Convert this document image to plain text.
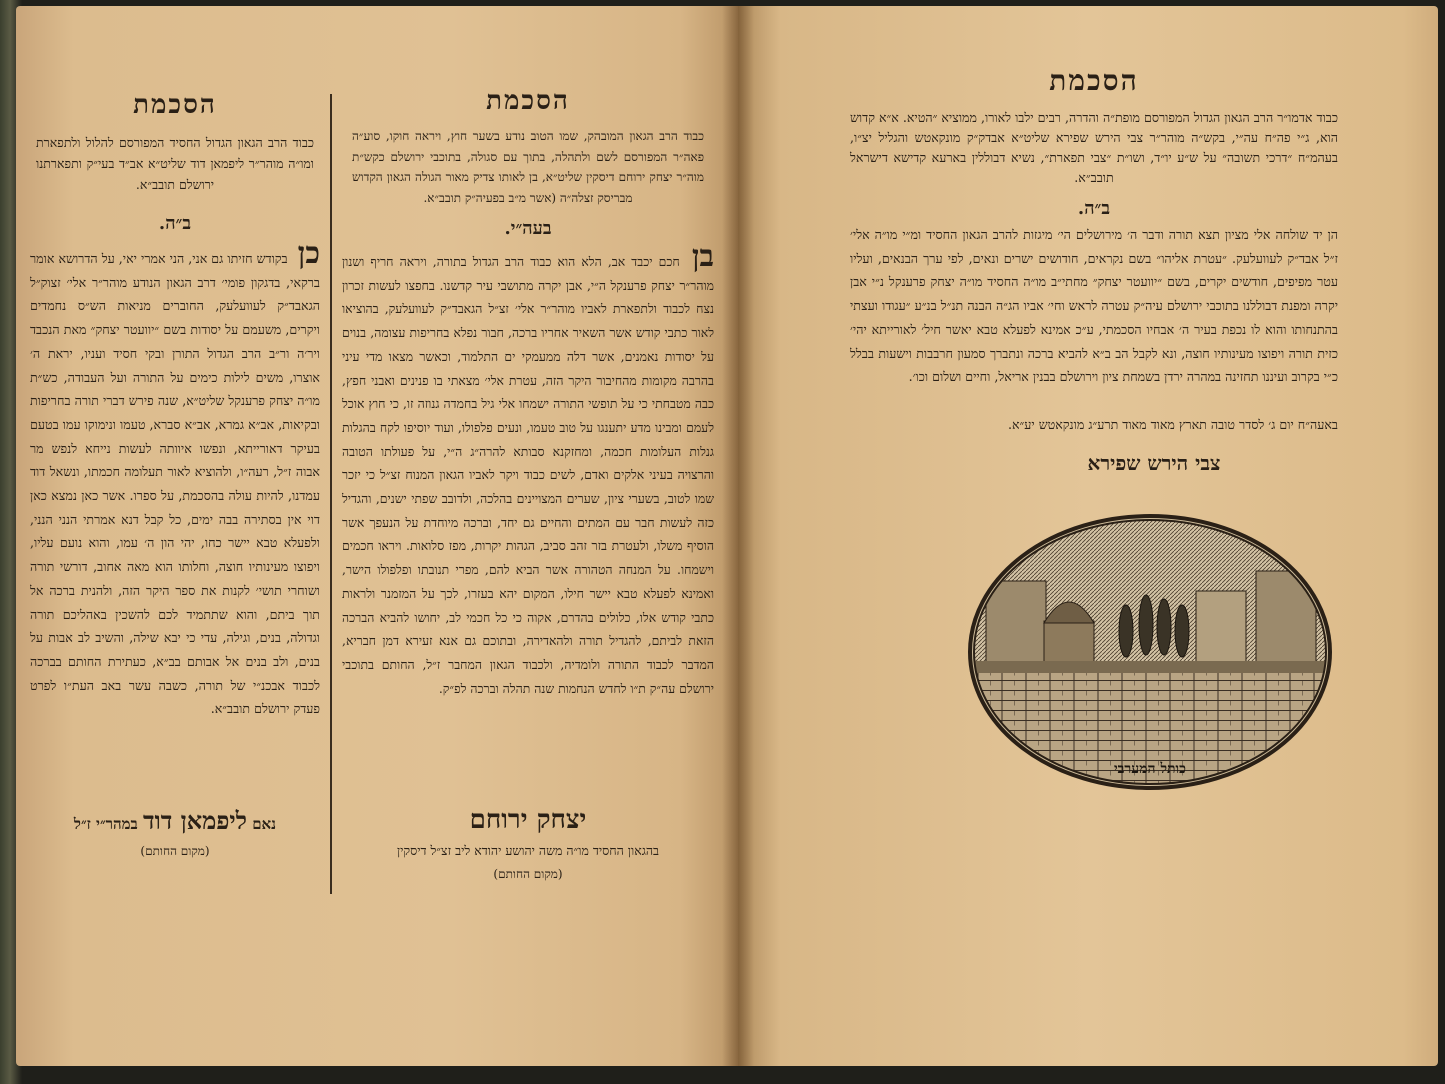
הסכמת
כבוד הרב הגאון הגדול החסיד המפורסם להלול ולתפארת ומו״ה מוהר״ר ליפמאן דוד שליט״א אב״ד בעי״ק ותפארתנו ירושלם תובב״א.
ב״ה.
כן בקודש חזיתו גם אני, הני אמרי יאי, על הדרושא אומר ברקאי, בדגקון פומי׳ דרב הגאון הנודע מוהר״ר אלי׳ זצוק״ל הגאבד״ק לעוועלעק, החוברים מניאות הש״ס נחמדים ויקרים, משעמם על יסודות בשם ״יוועטר יצחק״ מאת הנכבד ויר׳ה ור״ב הרב הגדול התורן ובקי חסיד ועניו, יראת ה׳ אוצרו, משים לילות כימים על התורה ועל העבודה, כש״ת מו״ה יצחק פרענקל שליט״א, שנה פירש דברי תורה בחריפות ובקיאות, אב״א גמרא, אב״א סברא, טעמו ונימוקו עמו בטעם בעיקר דאורייתא, ונפשו איוותה לעשות נייחא לנפש מר אבוה ז״ל, רעה״ו, ולהוציא לאור תעלומה חכמתו, ונשאל דוד עמדנו, להיות עולה בהסכמת, על ספרו. אשר כאן נמצא כאן דוי אין בסתירה בבה ימים, כל קבל דנא אמרתי הנני הנני, ולפעלא טבא יישר כחו, יהי הון ה׳ עמו, והוא נועם עליו, ויפוצו מעינותיו חוצה, וחלותו הוא מאה אחוב, דורשי תורה ושוחרי תושי׳ לקנות את ספר היקר הזה, ולהנית ברכה אל תוך ביתם, והוא שתתמיד לכם להשכין באהליכם תורה וגדולה, בנים, וגילה, עדי כי יבא שילה, והשיב לב אבות על בנים, ולב בנים אל אבותם בב״א, כעתירת החותם בברכה לכבוד אבכנ״י של תורה, כשבה עשר באב העת״ו לפרט פעדק ירושלם תובב״א.
נאם ליפמאן דוד במהר״י ז״ל
(מקום החותם)
הסכמת
כבוד הרב הגאון המובהק, שמו הטוב נודע בשער חוץ, ויראה חוקו, סוע״ה פאה״ר המפורסם לשם ולתהלה, בתוך עם סגולה, בתוכבי ירושלם כקש״ת מוה״ר יצחק ירוחם דיסקין שליט״א, בן לאותו צדיק מאור הגולה הגאון הקדוש מבריסק זצלה״ה (אשר מ״ב בפעיה״ק תובב״א.
בעה״י.
בן חכם יכבד אב, הלא הוא כבוד הרב הגדול בתורה, ויראה חריף ושנון מוהר״ר יצחק פרענקל ה״י, אבן יקרה מתושבי עיר קדשנו. בחפצו לעשות זכרון נצח לכבוד ולתפארת לאביו מוהר״ר אלי׳ זצ״ל הגאבד״ק לעוועלעק, בהוציאו לאור כתבי קודש אשר השאיר אחריו ברכה, חבור נפלא בחריפות עצומה, בנוים על יסודות נאמנים, אשר דלה ממעמקי ים התלמוד, וכאשר מצאו מדי עיני בהרבה מקומות מהחיבור היקר הזה, עטרת אלי׳ מצאתי בו פנינים ואבני חפץ, כבה מטבחתי כי על תופשי התורה ישמחו אלי גיל בחמדה גנוזה זו, כי חוץ אוכל לעמם ומבינו מדע יתענגו על טוב טעמו, ונעים פלפולו, ועוד יוסיפו לקח בהגלות גנלות העלומות חכמה, ומחזקנא סבותא להרה״ג ה״י, על פעולתו הטובה והרצויה בעיני אלקים ואדם, לשים כבוד ויקר לאביו הגאון המנוח זצ״ל כי יזכר שמו לטוב, בשערי ציון, שערים המצויינים בהלכה, ולדובב שפתי ישנים, והגדיל כזה לעשות חבר עם המתים והחיים גם יחד, וברכה מיוחדת על הנעפך אשר הוסיף משלו, ולעטרת בזר זהב סביב, הגהות יקרות, מפז סלואות. ויראו חכמים וישמחו. על המנחה הטהורה אשר הביא להם, מפרי תנובתו ופלפולו הישר, ואמינא לפעלא טבא יישר חילו, המקום יהא בעזרו, לכך על המזמנר ולראות כתבי קודש אלו, כלולים בהדרם, אקוה כי כל חכמי לב, יחושו להביא הברכה הזאת לביתם, להגדיל תורה ולהאדירה, ובתוכם גם אנא זעירא דמן חבריא, המדבר לכבוד התורה ולומדיה, ולכבוד הגאון המחבר ז״ל, החותם בתוכבי ירושלם עה״ק ת״ו לחדש הנחמות שנה תהלה וברכה לפ״ק.
יצחק ירוחם
בהגאון החסיד מו״ה משה יהושע יהודא ליב זצ״ל דיסקין
(מקום החותם)
הסכמת
כבוד אדמו״ר הרב הגאון הגדול המפורסם מופת״ה והדרה, רבים ילבו לאורו, ממוציא ״הטיא. א״א קדוש הוא, ג״י פה״ח עה״י, בקש״ה מוהר״ר צבי הירש שפירא שליט״א אבדק״ק מונקאטש והגליל יצ״ו, בעהמ״ח ״דרכי תשובה״ על ש״ע יו״ד, ושו״ת ״צבי תפארת״, נשיא דבוללין בארעא קדישא דישראל תובב״א.
ב״ה.
הן יד שולחה אלי מציון תצא תורה ודבר ה׳ מירושלים הי׳ מיגזות להרב הגאון החסיד ומ״י מו״ה אלי׳ ז״ל אבד״ק לעוועלעק. ״עטרת אליהו״ בשם נקראים, חודושים ישרים ונאים, לפי ערך הבנאים, ועליו עטר מפיפים, חודשים יקרים, בשם ״יוועטר יצחק״ מחתי״ב מו״ה החסיד מו״ה יצחק פרענקל נ״י אבן יקרה ומפנת דבוללנו בתוכבי ירושלם עיה״ק עטרה לראש וחי׳ אביו הג״ה הבנה תנ״ל בנ״ע ״עגודו ועצתי בהתנחותו והוא לו נכפת בעיר ה׳ אבחיו הסכמתי, ע״כ אמינא לפעלא טבא יאשר חיל׳ לאורייתא יהי׳ כזית תורה ויפוצו מעינותיו חוצה, ונא לקבל הב ב״א להביא ברכה ונתברך סמעון חרבבות וישעות בבלל כ״י בקרוב ועיננו תחזינה במהרה ירדן בשמחת ציון וירושלם בבנין אריאל, וחיים ושלום וכו׳.
באעה״ח יום ג׳ לסדר טובה תארץ מאוד מאוד תרע״ג מונקאטש יע״א.
צבי הירש שפירא
כותל המערבי
